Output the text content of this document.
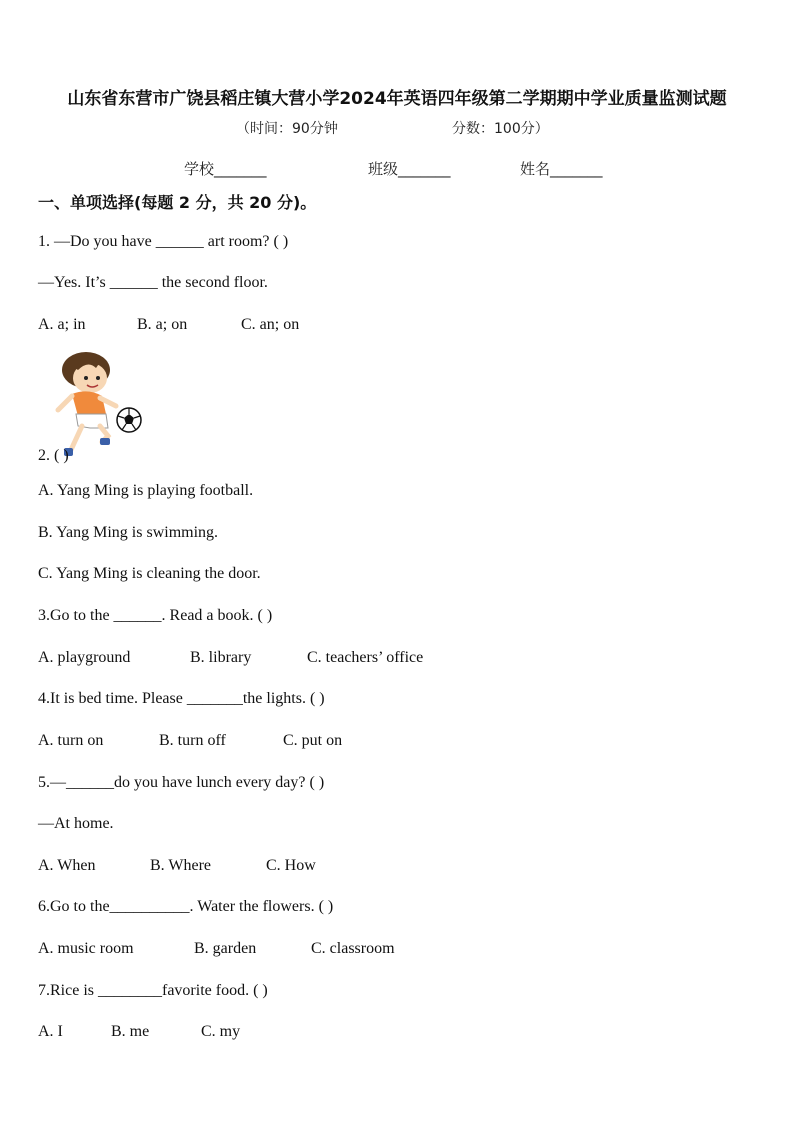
山东省东营市广饶县稻庄镇大营小学2024年英语四年级第二学期期中学业质量监测试题
（时间：90分钟	分数：100分）
学校_______	班级_______	姓名_______
一、单项选择(每题 2 分，共 20 分)。
1. —Do you have ______ art room? ( )
—Yes. It’s ______ the second floor.
A. a; in	B. a; on	C. an; on
2. ( )
A. Yang Ming is playing football.
B. Yang Ming is swimming.
C. Yang Ming is cleaning the door.
3.Go to the ______. Read a book. ( )
A. playground	B. library	C. teachers’ office
4.It is bed time. Please _______the lights. ( )
A. turn on	B. turn off	C. put on
5.—______do you have lunch every day? ( )
—At home.
A. When	B. Where	C. How
6.Go to the__________. Water the flowers. ( )
A. music room	B. garden	C. classroom
7.Rice is ________favorite food. ( )
A. I	B. me	C. my
